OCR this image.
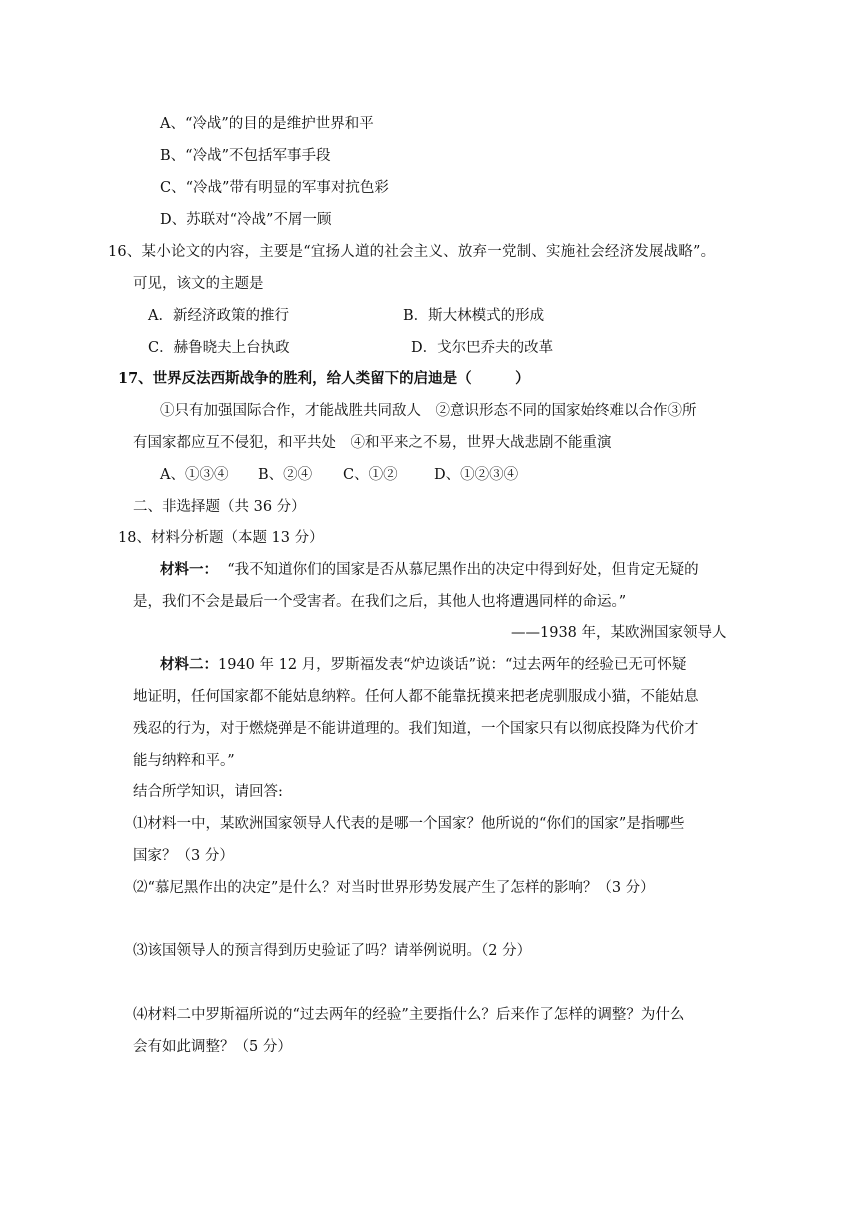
A、“冷战”的目的是维护世界和平
B、“冷战”不包括军事手段
C、“冷战”带有明显的军事对抗色彩
D、苏联对“冷战”不屑一顾
16、某小论文的内容，主要是“宜扬人道的社会主义、放弃一党制、实施社会经济发展战略”。
可见，该文的主题是
A．新经济政策的推行	B．斯大林模式的形成
C．赫鲁晓夫上台执政	D．戈尔巴乔夫的改革
17、世界反法西斯战争的胜利，给人类留下的启迪是（　　　）
①只有加强国际合作，才能战胜共同敌人　②意识形态不同的国家始终难以合作③所
有国家都应互不侵犯，和平共处　④和平来之不易，世界大战悲剧不能重演
A、①③④ B、②④ C、①②	D、①②③④
二、非选择题（共 36 分）
18、材料分析题（本题 13 分）
材料一： “我不知道你们的国家是否从慕尼黑作出的决定中得到好处，但肯定无疑的
是，我们不会是最后一个受害者。在我们之后，其他人也将遭遇同样的命运。”
——1938 年，某欧洲国家领导人
材料二：1940 年 12 月，罗斯福发表“炉边谈话”说：“过去两年的经验已无可怀疑
地证明，任何国家都不能姑息纳粹。任何人都不能靠抚摸来把老虎驯服成小猫，不能姑息
残忍的行为，对于燃烧弹是不能讲道理的。我们知道，一个国家只有以彻底投降为代价才
能与纳粹和平。”
结合所学知识，请回答:
⑴材料一中，某欧洲国家领导人代表的是哪一个国家？他所说的“你们的国家”是指哪些
国家？（3 分）
⑵“慕尼黑作出的决定”是什么？对当时世界形势发展产生了怎样的影响？（3 分）
⑶该国领导人的预言得到历史验证了吗？请举例说明。（2 分）
⑷材料二中罗斯福所说的“过去两年的经验”主要指什么？后来作了怎样的调整？为什么
会有如此调整？（5 分）
